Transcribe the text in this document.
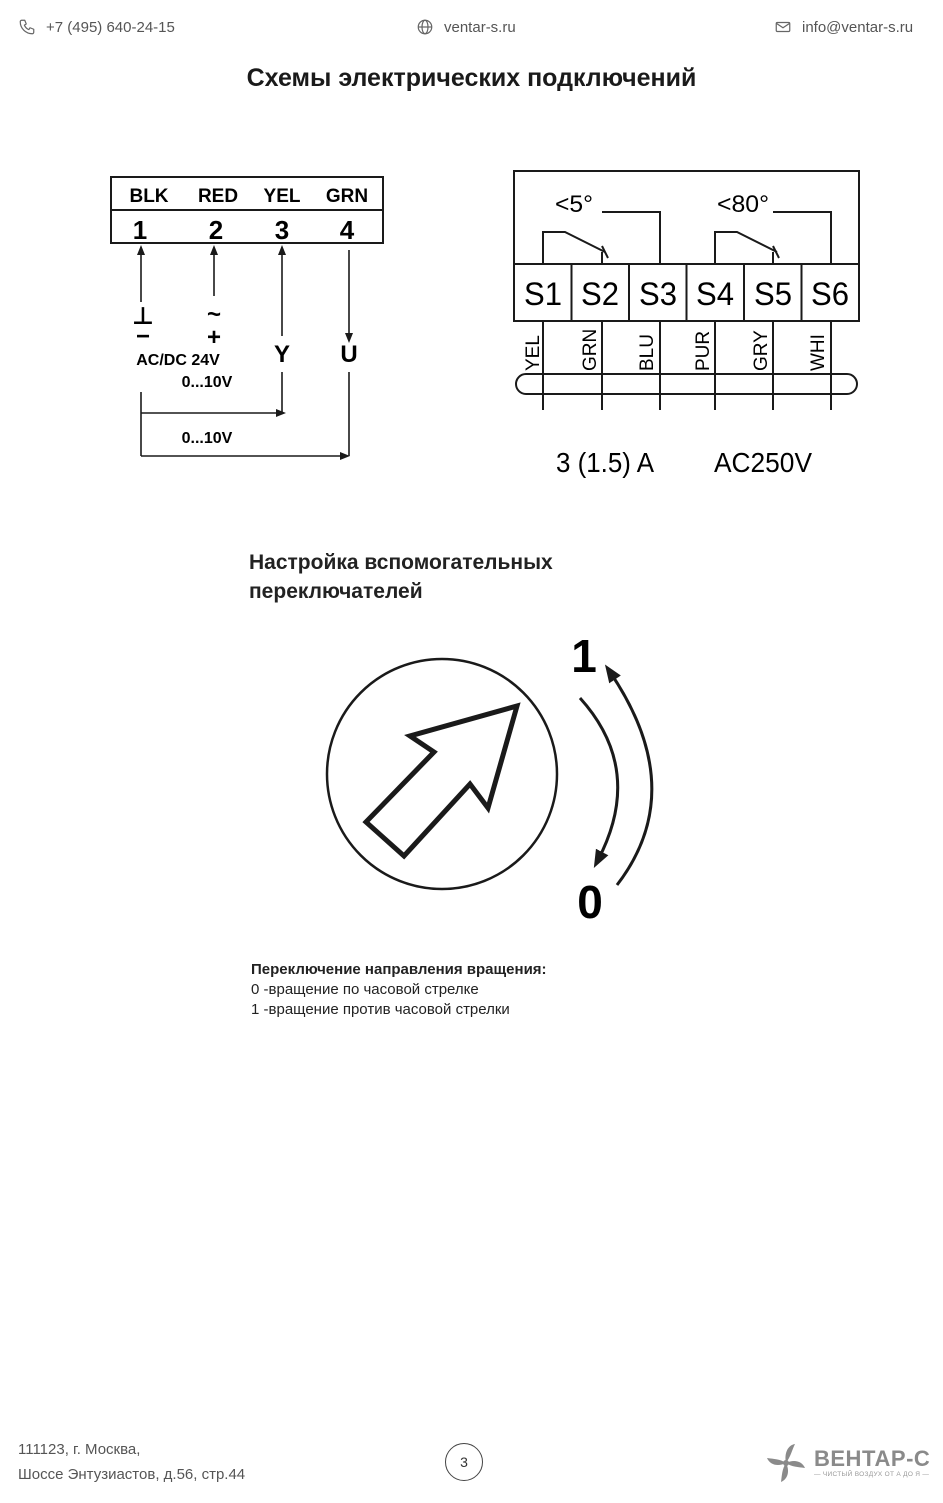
+7 (495) 640-24-15	ventar-s.ru	info@ventar-s.ru
Схемы электрических подключений
BLK RED YEL GRN
1 2 3 4
⊥
−
~
+
AC/DC 24V Y U
0...10V
0...10V
<5°	<80°
S1 S2 S3 S4 S5 S6
YEL GRN BLU PUR GRY WHI
3 (1.5) A AC250V
Настройка вспомогательных
переключателей
1
0
Переключение направления вращения:
0 -вращение по часовой стрелке
1 -вращение против часовой стрелки
111123, г. Москва,
Шоссе Энтузиастов, д.56, стр.44
3	ВЕНТАР-С
— ЧИСТЫЙ ВОЗДУХ ОТ А ДО Я —
